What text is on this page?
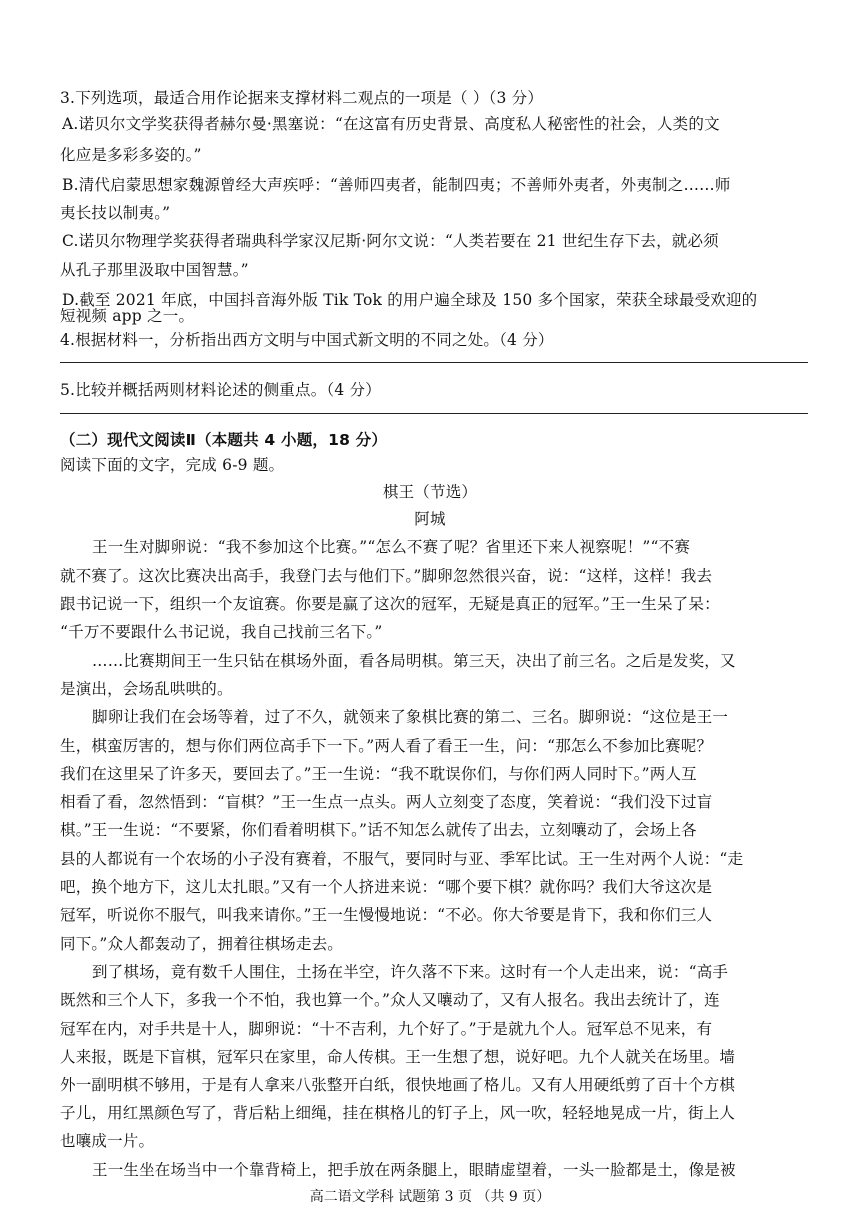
3.下列选项，最适合用作论据来支撑材料二观点的一项是（ ）（3 分）
A.诺贝尔文学奖获得者赫尔曼·黑塞说：“在这富有历史背景、高度私人秘密性的社会，人类的文
化应是多彩多姿的。”
B.清代启蒙思想家魏源曾经大声疾呼：“善师四夷者，能制四夷；不善师外夷者，外夷制之……师
夷长技以制夷。”
C.诺贝尔物理学奖获得者瑞典科学家汉尼斯·阿尔文说：“人类若要在 21 世纪生存下去，就必须
从孔子那里汲取中国智慧。”
D.截至 2021 年底，中国抖音海外版 Tik Tok 的用户遍全球及 150 多个国家，荣获全球最受欢迎的
短视频 app 之一。
4.根据材料一，分析指出西方文明与中国式新文明的不同之处。（4 分）
5.比较并概括两则材料论述的侧重点。（4 分）
（二）现代文阅读Ⅱ（本题共 4 小题，18 分）
阅读下面的文字，完成 6-9 题。
棋王（节选）
阿城
王一生对脚卵说：“我不参加这个比赛。”“怎么不赛了呢？省里还下来人视察呢！”“不赛
就不赛了。这次比赛决出高手，我登门去与他们下。”脚卵忽然很兴奋，说：“这样，这样！我去
跟书记说一下，组织一个友谊赛。你要是赢了这次的冠军，无疑是真正的冠军。”王一生呆了呆：
“千万不要跟什么书记说，我自己找前三名下。”
……比赛期间王一生只钻在棋场外面，看各局明棋。第三天，决出了前三名。之后是发奖，又
是演出，会场乱哄哄的。
脚卵让我们在会场等着，过了不久，就领来了象棋比赛的第二、三名。脚卵说：“这位是王一
生，棋蛮厉害的，想与你们两位高手下一下。”两人看了看王一生，问：“那怎么不参加比赛呢？
我们在这里呆了许多天，要回去了。”王一生说：“我不耽误你们，与你们两人同时下。”两人互
相看了看，忽然悟到：“盲棋？”王一生点一点头。两人立刻变了态度，笑着说：“我们没下过盲
棋。”王一生说：“不要紧，你们看着明棋下。”话不知怎么就传了出去，立刻嚷动了，会场上各
县的人都说有一个农场的小子没有赛着，不服气，要同时与亚、季军比试。王一生对两个人说：“走
吧，换个地方下，这儿太扎眼。”又有一个人挤进来说：“哪个要下棋？就你吗？我们大爷这次是
冠军，听说你不服气，叫我来请你。”王一生慢慢地说：“不必。你大爷要是肯下，我和你们三人
同下。”众人都轰动了，拥着往棋场走去。
到了棋场，竟有数千人围住，土扬在半空，许久落不下来。这时有一个人走出来，说：“高手
既然和三个人下，多我一个不怕，我也算一个。”众人又嚷动了，又有人报名。我出去统计了，连
冠军在内，对手共是十人，脚卵说：“十不吉利，九个好了。”于是就九个人。冠军总不见来，有
人来报，既是下盲棋，冠军只在家里，命人传棋。王一生想了想，说好吧。九个人就关在场里。墙
外一副明棋不够用，于是有人拿来八张整开白纸，很快地画了格儿。又有人用硬纸剪了百十个方棋
子儿，用红黑颜色写了，背后粘上细绳，挂在棋格儿的钉子上，风一吹，轻轻地晃成一片，街上人
也嚷成一片。
王一生坐在场当中一个靠背椅上，把手放在两条腿上，眼睛虚望着，一头一脸都是土，像是被
高二语文学科 试题第 3 页 （共 9 页）
